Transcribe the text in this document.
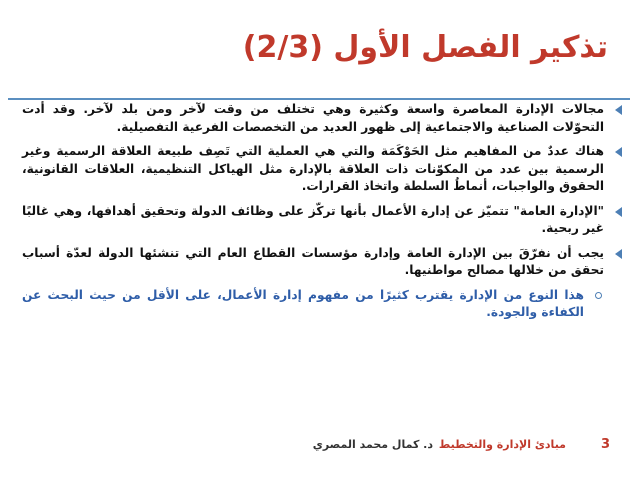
تذكير الفصل الأول (2/3)
مجالات الإدارة المعاصرة واسعة وكثيرة وهي تختلف من وقت لآخر ومن بلد لآخر. وقد أدت التحوّلات الصناعية والاجتماعية إلى ظهور العديد من التخصصات الفرعية التفصيلية.
هناك عددٌ من المفاهيم مثل الحَوْكَمَة والتي هي العملية التي تَصِف طبيعة العلاقة الرسمية وغير الرسمية بين عدد من المكوّنات ذات العلاقة بالإدارة مثل الهياكل التنظيمية، العلاقات القانونية، الحقوق والواجبات، أنماطُ السلطة واتخاذ القرارات.
"الإدارة العامة" تتميّز عن إدارة الأعمال بأنها تركّز على وظائف الدولة وتحقيق أهدافها، وهي غالبًا غير ربحية.
يجب أن نفرّقَ بين الإدارة العامة وإدارة مؤسسات القطاع العام التي تنشئها الدولة لعدّة أسباب تحقق من خلالها مصالح مواطنيها.
هذا النوع من الإدارة يقترب كثيرًا من مفهوم إدارة الأعمال، على الأقل من حيث البحث عن الكفاءة والجودة.
3
مبادئ الإدارة والتخطيط
د. كمال محمد المصري
